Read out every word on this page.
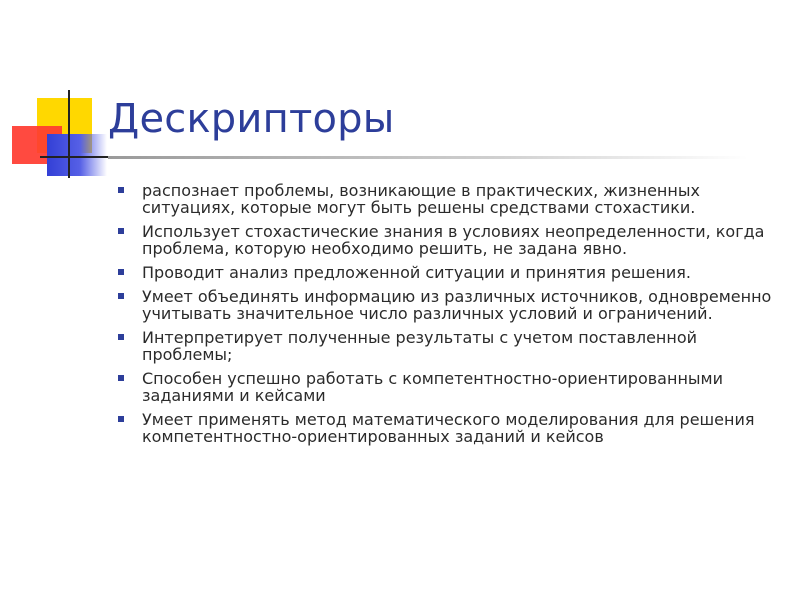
Дескрипторы
распознает проблемы, возникающие в практических, жизненных ситуациях, которые могут быть решены средствами стохастики.
Использует стохастические знания в условиях неопределенности, когда проблема, которую необходимо решить, не задана явно.
Проводит анализ предложенной ситуации и принятия решения.
Умеет объединять информацию из различных источников, одновременно учитывать значительное число различных условий и ограничений.
Интерпретирует полученные результаты с учетом поставленной проблемы;
Способен успешно работать с компетентностно-ориентированными заданиями и кейсами
Умеет применять метод математического моделирования для решения компетентностно-ориентированных заданий и кейсов
